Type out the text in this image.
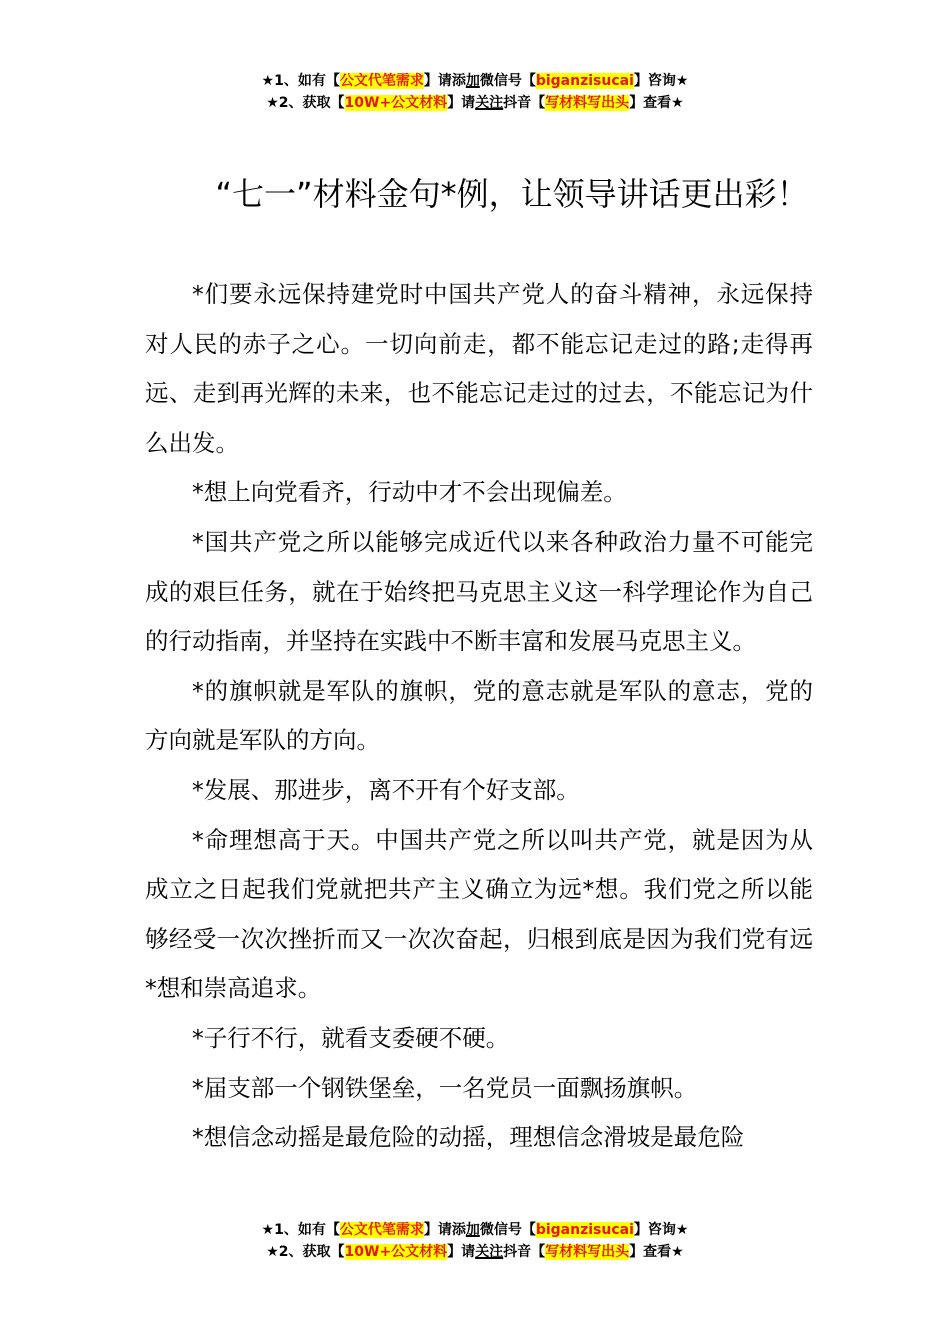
★1、如有【公文代笔需求】请添加微信号【biganzisucai】咨询★
★2、获取【10W+公文材料】请关注抖音【写材料写出头】查看★
“七一”材料金句*例，让领导讲话更出彩！

*们要永远保持建党时中国共产党人的奋斗精神，永远保持对人民的赤子之心。一切向前走，都不能忘记走过的路;走得再远、走到再光辉的未来，也不能忘记走过的过去，不能忘记为什么出发。

*想上向党看齐，行动中才不会出现偏差。

*国共产党之所以能够完成近代以来各种政治力量不可能完成的艰巨任务，就在于始终把马克思主义这一科学理论作为自己的行动指南，并坚持在实践中不断丰富和发展马克思主义。

*的旗帜就是军队的旗帜，党的意志就是军队的意志，党的方向就是军队的方向。

*发展、那进步，离不开有个好支部。

*命理想高于天。中国共产党之所以叫共产党，就是因为从成立之日起我们党就把共产主义确立为远*想。我们党之所以能够经受一次次挫折而又一次次奋起，归根到底是因为我们党有远*想和崇高追求。

*子行不行，就看支委硬不硬。

*届支部一个钢铁堡垒，一名党员一面飘扬旗帜。

*想信念动摇是最危险的动摇，理想信念滑坡是最危险

★1、如有【公文代笔需求】请添加微信号【biganzisucai】咨询★
★2、获取【10W+公文材料】请关注抖音【写材料写出头】查看★
